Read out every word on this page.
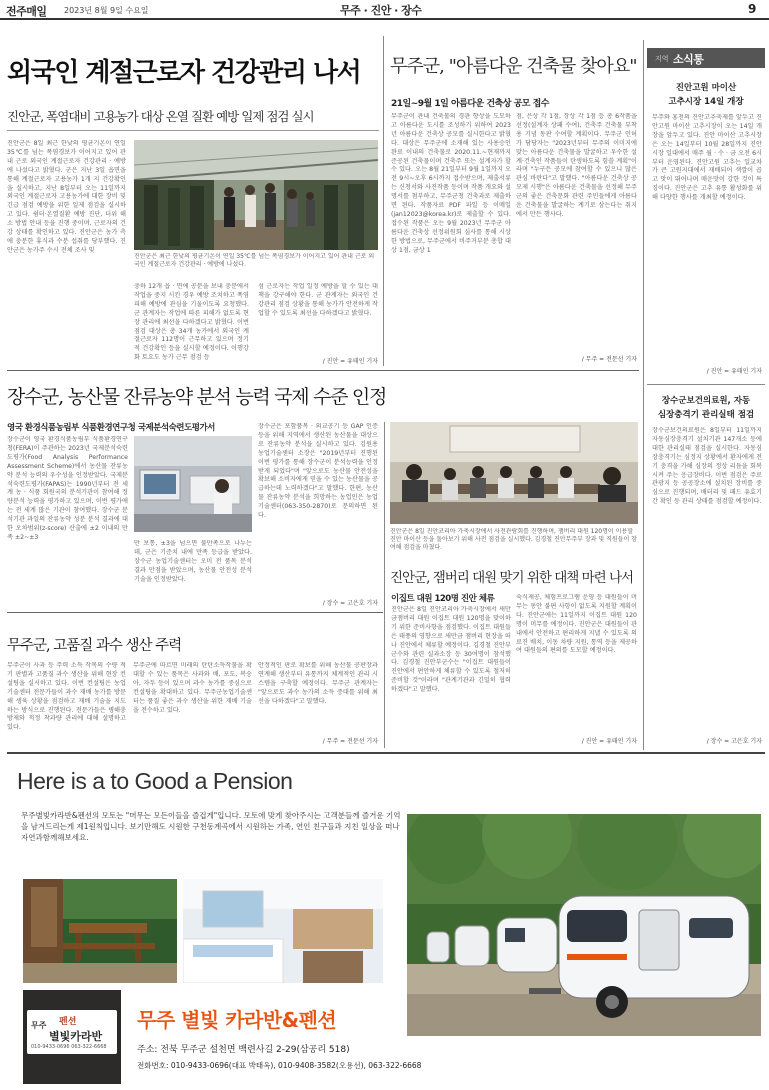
전주매일 2023년 8월 9일 수요일	무주 · 진안 · 장수	9
외국인 계절근로자 건강관리 나서
진안군, 폭염대비 고용농가 대상 온열 질환 예방 일제 점검 실시
진안군은 8일 최근 한낮의 평균기온이 연일 35℃를 넘는 폭염경보가 이어지고 있어 관내 근로 외국인 계절근로자 건강관리 · 예방에 나섰다고 밝혔다. 군은 지난 3일 읍면을 통해 계절근로자 고용농가 1개 지 건강확인을 실시하고, 지난 8일부터 오는 11일까지 외국인 계절근로자 고용농가에 대한 장비 및 긴급 점검 예방을 위한 일제 점검을 실시하고 있다. 쉼터·온열질환 예방 진단, 더위 해소 방법 안내 등을 진행 중이며, 근로자의 건강 상태를 확인하고 있다. 진안군은 농가 측에 충분한 휴식과 수분 섭취를 당부했다. 진안군은 농가주 수시 전체 조사 및
진안군은 최근 한낮의 평균기온이 연일 35℃를 넘는 폭염경보가 이어지고 있어 관내 근로 외국인 계절근로자 건강관리 · 예방에 나섰다.
충하 12개 읍 · 면에 공문을 보내 충분에서 작업을 중지 시킨 경우 예방 조치하고 폭염 피해 예방에 관심을 기울이도록 요청했다. 군 관계자는 작업에 따른 피해가 없도록 현장 관리에 최선을 다하겠다고 밝혔다. 이번 점검 대상은 총 34개 농가에서 외국인 계절근로자 112명이 근무하고 있으며 정기적 건강확인 등을 실시할 예정이다. 이행강화 토요도 농가 근무 점검 등
섬 근로자는 작업 일정 예방을 할 수 있는 대책을 강구해야 한다. 군 관계자는 외국인 건강관리 점검 상황을 통해 농가가 안전하게 작업할 수 있도록 최선을 다하겠다고 밝혔다.
/ 진안 = 유태인 기자
무주군, "아름다운 건축물 찾아요"
21일~9월 1일 아름다운 건축상 공모 접수
무주군이 관내 건축물의 경관 향상을 도모하고 아름다운 도시를 조성하기 위하여 2023년 아름다운 건축상 공모를 실시한다고 밝혔다. 대상은 무주군에 소재해 있는 사용승인 완료 이내의 건축물로 2020.11.~현재까지 준공된 건축물이며 건축주 또는 설계자가 할 수 있다. 오는 8월 21일부터 9월 1일까지 오전 9시~오후 6시까지 접수받으며, 제출서류는 신청서와 사진작품 등이며 작품 개요와 설명서를 첨부하고, 무주군청 건축과로 제출하면 된다. 작품자료 PDF 파일 등 이메일(jan12023@korea.kr)로 제출할 수 있다. 접수된 작품은 오는 9월 2023년 무주군 아름다운 건축상 선정위원회 심사를 통해 시상한 방법으로, 무주군에서 비주거부분 총합 대상 1점, 금상 1
점, 은상 각 1점, 장상 각 1점 등 총 6작품을 선정(설계자 상패 수여), 건축주 건축물 부착용 기념 동판 수여할 계획이다. 무주군 인허가 담당자는 "2023년부터 무주의 이미지에 맞는 아름다운 건축물을 발굴하고 우수한 설계·건축인 작품들이 탄생하도록 힘쓸 계획"이라며 "누구든 공모에 참여할 수 있으니 많은 관심 바란다"고 말했다. "아름다운 건축상 공모제 시행"은 아름다운 건축물을 선정해 무주군의 좋은 건축문화 관련 주민들에게 아름다운 건축물을 발굴하는 계기로 삼는다는 취지에서 만든 행사다.
/ 무주 = 전문선 기자
지역 소식통
진안고원 마이산
고추시장 14일 개장
무주와 홍천의 진안고추축제를 앞두고 진안고원 마이산 고추시장이 오는 14일 개장을 앞두고 있다. 진안 마이산 고추시장은 오는 14일부터 10월 28일까지 진안시장 일대에서 매주 월 · 수 · 금 오전 6시부터 운영된다. 진안고원 고추는 일교차가 큰 고원지대에서 재배되어 색깔이 곱고 맛이 뛰어나며 매운맛이 강한 것이 특징이다. 진안군은 고추 유통 활성화를 위해 다양한 행사를 개최할 예정이다.
/ 진안 = 유태인 기자
장수군보건의료원, 자동
심장충격기 관리실태 점검
장수군보건의료원은 8일부터 11일까지 자동심장충격기 설치기관 147개소 등에 대한 관리실태 점검을 실시한다. 자동심장충격기는 심정지 상황에서 환자에게 전기 충격을 가해 심장의 정상 리듬을 회복시켜 주는 응급장비다. 이번 점검은 주로 관광지 등 공공장소에 설치된 장비를 중심으로 진행되며, 배터리 및 패드 유효기간 확인 등 관리 상태를 점검할 예정이다.
/ 장수 = 고은호 기자
장수군, 농산물 잔류농약 분석 능력 국제 수준 인정
영국 환경식품농림부 식품환경연구청 국제분석숙련도평가서
장수군이 영국 환경식품농림부 식품환경연구청(FERA)이 주관하는 2023년 국제분석숙련도평가(Food Analysis Performance Assessment Scheme)에서 농산물 잔류농약 분석 능력의 우수성을 인정받았다. 국제분석숙련도평가(FAPAS)는 1990년부터 전 세계 농 · 식품 회원국의 분석기관이 참여해 정량분석 능력을 평가하고 있으며, 이번 평가에는 전 세계 많은 기관이 참여했다. 장수군 분석기관 과일의 잔류농약 성분 분석 결과에 대한 오차범위(z-score) 산출에 ±2 이내의 만족 ±2~±3
만 보통, ±3을 넘으면 불만족으로 나누는데, 군은 기준치 내에 만족 등급을 받았다. 장수군 농업기술센터는 오미 전 품목 분석 결과 만점을 받았으며, 농산물 안전성 분석 기술을 인정받았다.
장수군은 포함품목 · 외교공기 등 GAP 인증 등을 위해 지역에서 생산된 농산물을 대상으로 잔류농약 분석을 실시하고 있다. 김원용 농업기술센터 소장은 "2019년부터 진행된 이번 평가를 통해 장수군이 분석능력을 인정받게 되었다"며 "앞으로도 농산물 안전성을 확보해 소비자에게 믿을 수 있는 농산물을 공급하는데 노력하겠다"고 말했다. 한편, 농산물 잔류농약 분석을 희망하는 농업인은 농업기술센터(063-350-2870)로 문의하면 된다.
/ 장수 = 고은호 기자
진안군은 8일 진안코리아 가축시장에서 사전관람회를 진행하며, 잼버리 대원 120명이 이용할 진안 마이산 등을 돌아보기 위해 사전 점검을 실시했다. 김경철 진안무주부 장과 및 직원들이 참여해 점검을 마쳤다.
진안군, 잼버리 대원 맞기 위한 대책 마련 나서
이집트 대원 120명 진안 체류
진안군은 8일 진안코리아 가축시장에서 새만금잼버리 대원 이집트 대원 120명을 맞이하기 위한 준비사항을 점검했다. 이집트 대원들은 태풍의 영향으로 새만금 잼버리 현장을 떠나 진안에서 체류할 예정이다. 김경철 진안부군수와 관련 실과소장 등 30여명이 참석했다. 김경철 진안부군수는 "이집트 대원들이 진안에서 편안하게 체류할 수 있도록 철저히 준비할 것"이라며 "관계기관과 긴밀히 협력하겠다"고 말했다.
숙식제공, 체험프로그램 운영 등 대원들이 머무는 동안 불편 사항이 없도록 지원할 계획이다. 진안군에는 11일까지 이집트 대원 120명이 머무를 예정이다. 진안군은 대원들이 관내에서 안전하고 편리하게 지낼 수 있도록 의료진 배치, 이동 차량 지원, 통역 등을 제공하여 대원들의 편의를 도모할 예정이다.
/ 진안 = 유태인 기자
무주군, 고품질 과수 생산 주력
무주군이 사과 등 주력 소득 작목의 수량 적기 판별과 고품질 과수 생산을 위해 현장 컨설팅을 실시하고 있다. 이번 컨설팅은 농업기술센터 전문가들이 과수 재배 농가를 방문해 생육 상황을 점검하고 재배 기술을 지도하는 방식으로 진행된다. 전문가들은 병해충 방제와 적정 착과량 관리에 대해 설명하고 있다.
무주군에 따르면 미래의 탄탄소득작물을 확대할 수 있는 품목은 사과와 배, 포도, 복숭아, 자두 등이 있으며 과수 농가를 중심으로 컨설팅을 확대하고 있다. 무주군농업기술센터는 품질 좋은 과수 생산을 위한 재배 기술을 전수하고 있다.
안정적인 판로 확보를 위해 농산물 공판장과 연계해 생산부터 유통까지 체계적인 관리 시스템을 구축할 예정이다. 무주군 관계자는 "앞으로도 과수 농가의 소득 증대를 위해 최선을 다하겠다"고 말했다.
/ 무주 = 전문선 기자
Here is a to Good a Pension
무주별빛카라반&펜션의 모토는 "머무는 모든이들을 즐겁게"입니다. 모토에 맞게 찾아주시는 고객분들께 즐거운 기억을 남겨드리는게 제1원칙입니다. 보기만해도 시원한 구천동계곡에서 시원하는 가족, 연인 친구들과 지친 일상을 떠나 자연과함께해보세요.
무주 펜션
별빛카라반
010-9433-0696 063-322-6668
무주 별빛 카라반&펜션
주소: 전북 무주군 설천면 백련사길 2-29(삼공리 518)
전화번호: 010-9433-0696(대표 박태옥), 010-9408-3582(오용선), 063-322-6668
